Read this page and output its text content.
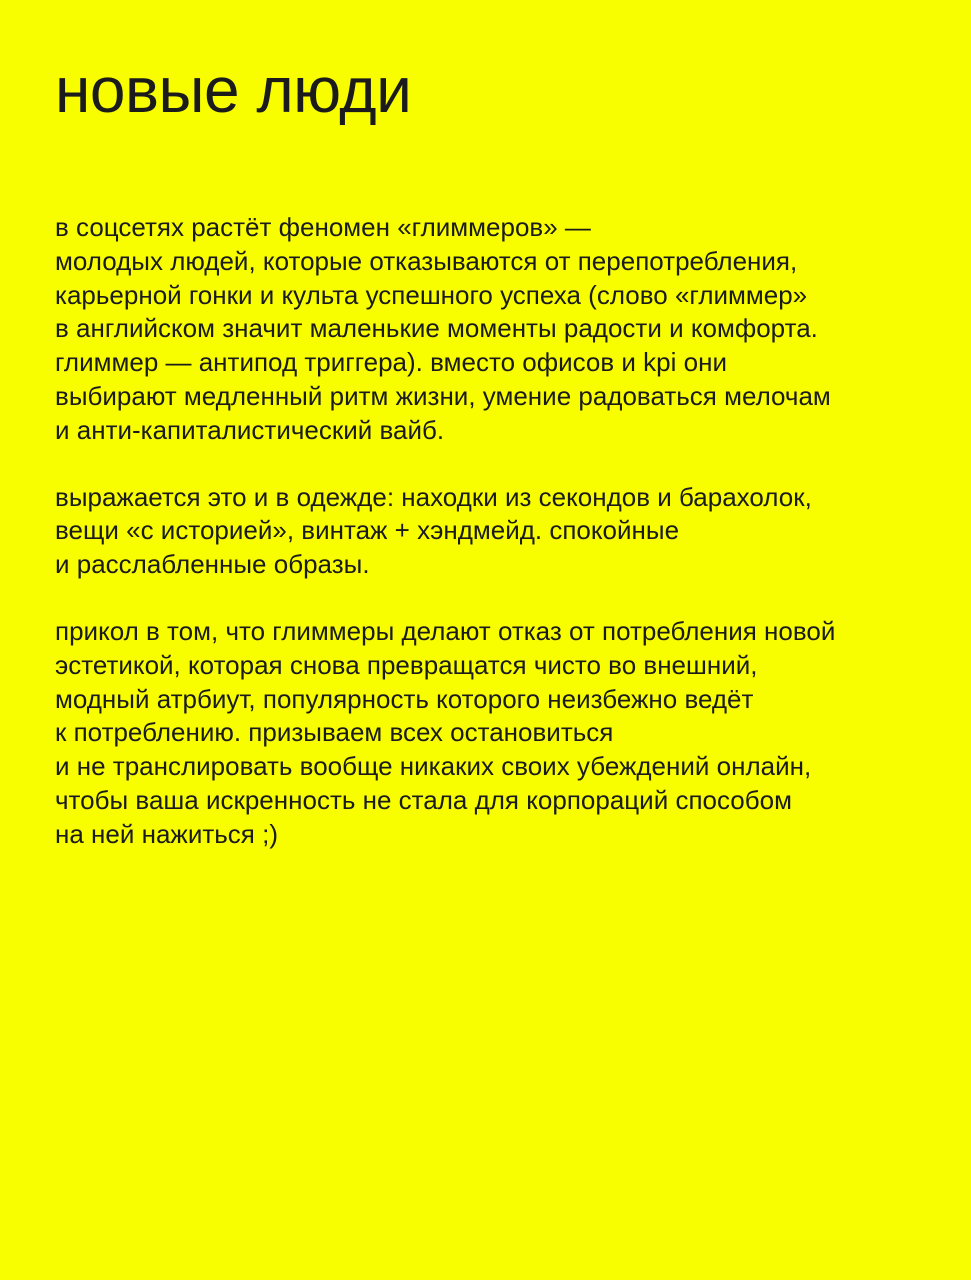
новые люди

в соцсетях растёт феномен «глиммеров» —
молодых людей, которые отказываются от перепотребления,
карьерной гонки и культа успешного успеха (слово «глиммер»
в английском значит маленькие моменты радости и комфорта.
глиммер — антипод триггера). вместо офисов и kpi они
выбирают медленный ритм жизни, умение радоваться мелочам
и анти-капиталистический вайб.

выражается это и в одежде: находки из секондов и барахолок,
вещи «с историей», винтаж + хэндмейд. спокойные
и расслабленные образы.

прикол в том, что глиммеры делают отказ от потребления новой
эстетикой, которая снова превращатся чисто во внешний,
модный атрбиут, популярность которого неизбежно ведёт
к потреблению. призываем всех остановиться
и не транслировать вообще никаких своих убеждений онлайн,
чтобы ваша искренность не стала для корпораций способом
на ней нажиться ;)
